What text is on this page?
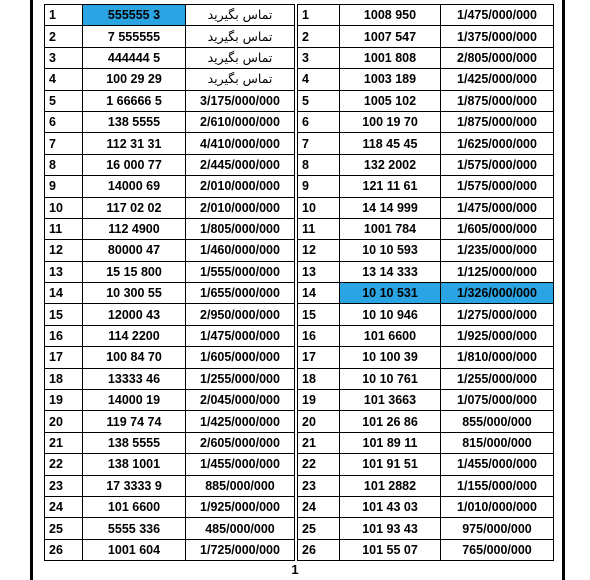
1	555555 3	تماس بگیرید
2	7 555555	تماس بگیرید
3	444444 5	تماس بگیرید
4	100 29 29	تماس بگیرید
5	1 66666 5	3/175/000/000
6	138 5555	2/610/000/000
7	112 31 31	4/410/000/000
8	16 000 77	2/445/000/000
9	14000 69	2/010/000/000
10	117 02 02	2/010/000/000
11	112 4900	1/805/000/000
12	80000 47	1/460/000/000
13	15 15 800	1/555/000/000
14	10 300 55	1/655/000/000
15	12000 43	2/950/000/000
16	114 2200	1/475/000/000
17	100 84 70	1/605/000/000
18	13333 46	1/255/000/000
19	14000 19	2/045/000/000
20	119 74 74	1/425/000/000
21	138 5555	2/605/000/000
22	138 1001	1/455/000/000
23	17 3333 9	885/000/000
24	101 6600	1/925/000/000
25	5555 336	485/000/000
26	1001 604	1/725/000/000
1	1008 950	1/475/000/000
2	1007 547	1/375/000/000
3	1001 808	2/805/000/000
4	1003 189	1/425/000/000
5	1005 102	1/875/000/000
6	100 19 70	1/875/000/000
7	118 45 45	1/625/000/000
8	132 2002	1/575/000/000
9	121 11 61	1/575/000/000
10	14 14 999	1/475/000/000
11	1001 784	1/605/000/000
12	10 10 593	1/235/000/000
13	13 14 333	1/125/000/000
14	10 10 531	1/326/000/000
15	10 10 946	1/275/000/000
16	101 6600	1/925/000/000
17	10 100 39	1/810/000/000
18	10 10 761	1/255/000/000
19	101 3663	1/075/000/000
20	101 26 86	855/000/000
21	101 89 11	815/000/000
22	101 91 51	1/455/000/000
23	101 2882	1/155/000/000
24	101 43 03	1/010/000/000
25	101 93 43	975/000/000
26	101 55 07	765/000/000
1
